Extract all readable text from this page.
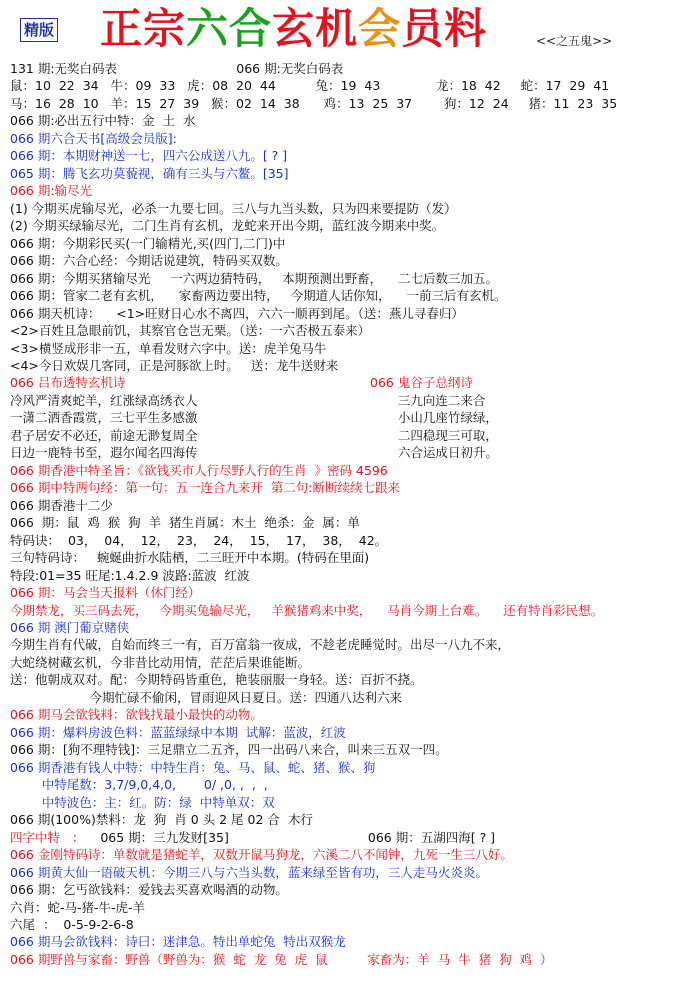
精版 正宗六合玄机会员料	<<之五鬼>>
131 期:无奖白码表                              066 期:无奖白码表
鼠：10  22  34   牛：09  33   虎：08  20  44          兔：19  43              龙：18  42     蛇：17  29  41
马：16  28  10   羊：15  27  39   猴：02  14  38      鸡：13  25  37        狗：12  24     猪：11  23  35
066 期:必出五行中特：金  土  水
066 期六合天书[高级会员版]:
066 期：本期财神送一七，四六公成送八九。[ ? ]
065 期：腾飞玄功莫藐视，确有三头与六鳌。[35]
066 期:输尽光
(1) 今期买虎输尽光，必杀一九要七回。三八与九当头数，只为四来要提防（发）
(2) 今期买绿输尽光，二门生肖有玄机，龙蛇来开出今期，蓝红波今期来中奖。
066 期：今期彩民买(一门输精光,买(四门,二门)中
066 期：六合心经：今期话说建筑，特码买双数。
066 期：今期买猪输尽光     一六两边猜特码，   本期预测出野畜，    二七后数三加五。
066 期：管家二老有玄机，    家畜两边要出特，   今期道人话你知，    一前三后有玄机。
066 期天机诗：    <1>旺财日心水不离四，六六一顺再到尾。（送：燕儿寻春归）
<2>百姓且急眼前饥，其察官仓岂无栗。（送：一六否极五泰来）
<3>横竖成形非一五，单看发财六字中。送：虎羊兔马牛
<4>今日欢娱几客同，正是河豚欲上时。   送：龙牛送财来
066 吕布透特玄机诗	066 鬼谷子总纲诗
冷风严清爽蛇羊，红涨绿高绣衣人	三九向连二来合
一潇二洒香霞赏，三七平生多感激	小山几座竹绿绿，
君子居安不必还，前途无渺复周全	二四稳现三可取，
日边一鹿特书至，遐尔闻名四海传	六合运成日初升。
066 期香港中特圣旨：《欲钱买市人行尽野人行的生肖  》密码 4596
066 期中特两句经：第一句：五一连合九来开  第二句:断断续续七跟来
066 期香港十二少
066  期：鼠  鸡  猴  狗  羊  猪生肖属：木土  绝杀：金  属：单
特码诀：  03，  04，  12，  23，  24，  15，  17，  38，  42。
三句特码诗：   蜿蜒曲折水陆栖，二三旺开中本期。(特码在里面)
特段:01=35 旺尾:1.4.2.9 波路:蓝波  红波
066 期：马会当天报料（休门经）
今期禁龙，买三码去死，   今期买兔输尽光，   羊猴猪鸡来中奖，    马肖今期上台难。    还有特肖彩民想。
066 期 澳门葡京赌侠
今期生肖有代破，自始而终三一有，百万富翁一夜成，不趁老虎睡觉时。出尽一八九不来，
大蛇绕树藏玄机，今非昔比动用情，茫茫后果谁能断。
送：他朝成双对。配：今期特码皆重色，艳装丽服一身轻。送：百折不挠。
今期忙碌不偷闲，冒雨迎风日夏日。送：四通八达利六来
066 期马会欲钱料：欲钱找最小最快的动物。
066 期：爆料房波色料：蓝蓝绿绿中本期  试解：蓝波，红波
066 期：[狗不理特钱]：三足鼎立二五齐，四一出码八来合，叫来三五双一四。
066 期香港有钱人中特：中特生肖：兔、马、鼠、蛇、猪、猴、狗
中特尾数：3,7/9,0,4,0,       0/ ,0, ,  ,  ,
中特波色：主：红。防：绿  中特单双：双
066 期(100%)禁料：龙  狗  肖 0 头 2 尾 02 合  木行
四字中特   ：    065 期：三九发财[35]                                   066 期：五湖四海[ ? ]
066 金刚特码诗：单数就是猪蛇羊，双数开鼠马狗龙，六溪二八不闻钟，九死一生三八好。
066 期黄大仙一语破天机：今期三八与六当头数，蓝来绿至皆有功，三人走马火炎炎。
066 期：乞丐欲钱料：爱钱去买喜欢喝酒的动物。
六肖：蛇-马-猪-牛-虎-羊
六尾  ：  0-5-9-2-6-8
066 期马会欲钱料：诗曰：迷津急。特出单蛇兔  特出双猴龙
066 期野兽与家畜：野兽（野兽为：猴  蛇  龙  兔  虎  鼠          家畜为：羊  马  牛  猪  狗  鸡  ）
